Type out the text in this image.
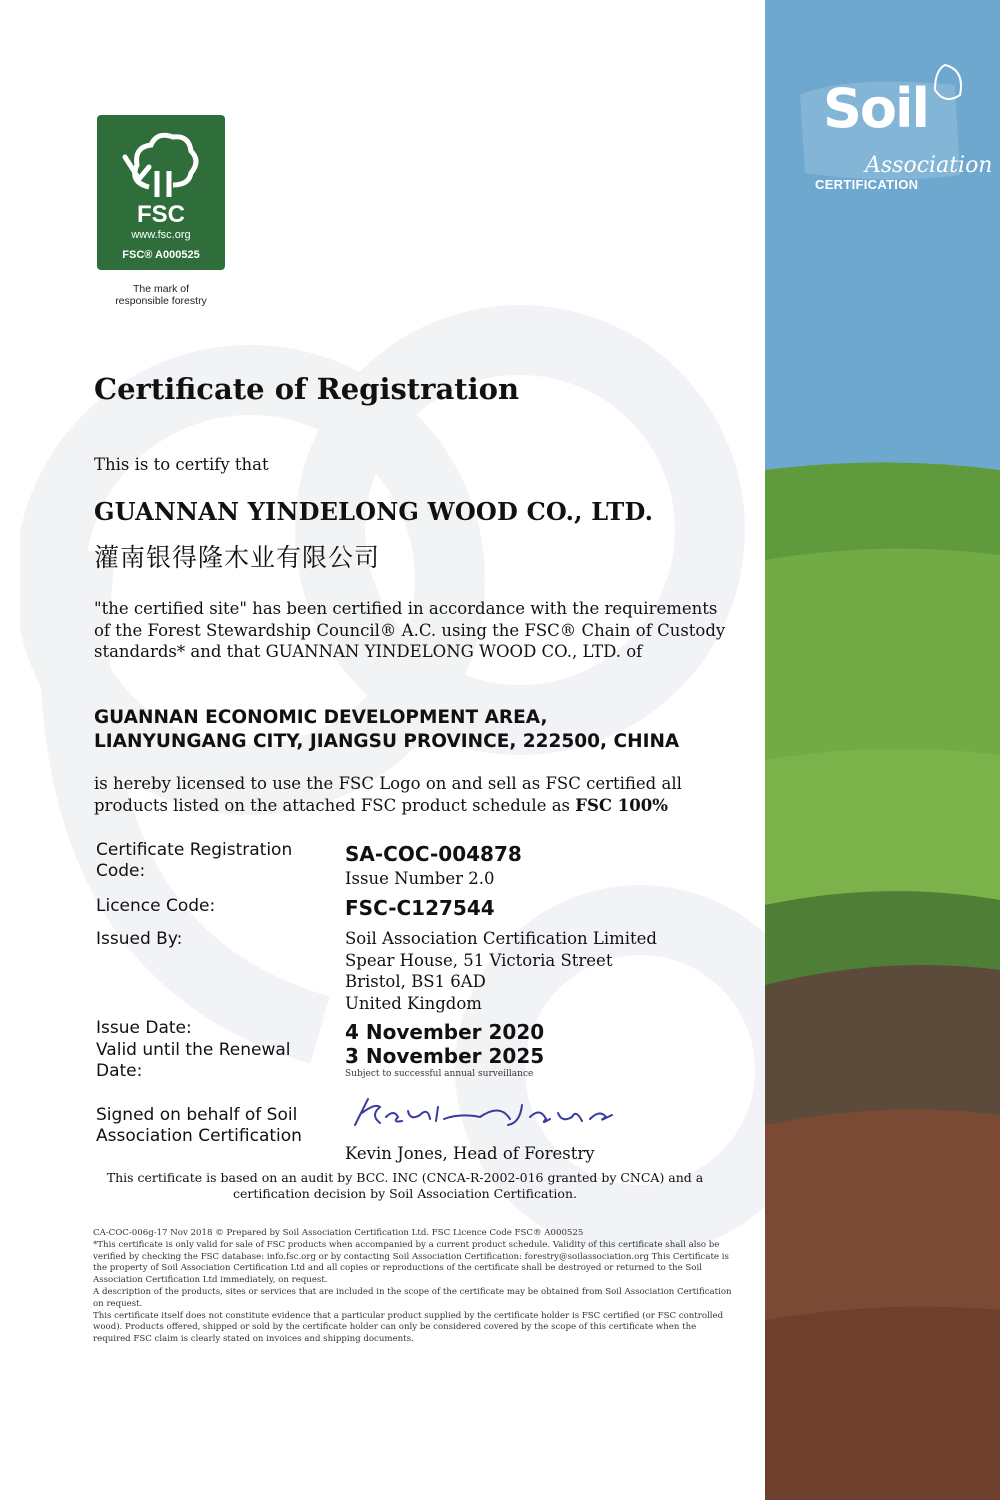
Soil
Association
CERTIFICATION
FSC
www.fsc.org
FSC® A000525
The mark of
responsible forestry
Certificate of Registration
This is to certify that
GUANNAN YINDELONG WOOD CO., LTD.
灌南银得隆木业有限公司
"the certified site" has been certified in accordance with the requirements of the Forest Stewardship Council® A.C. using the FSC® Chain of Custody standards* and that GUANNAN YINDELONG WOOD CO., LTD. of
GUANNAN ECONOMIC DEVELOPMENT AREA,
LIANYUNGANG CITY, JIANGSU PROVINCE, 222500, CHINA
is hereby licensed to use the FSC Logo on and sell as FSC certified all products listed on the attached FSC product schedule as FSC 100%
Certificate Registration Code:
SA-COC-004878
Issue Number 2.0
Licence Code:	FSC-C127544
Issued By:	Soil Association Certification Limited
Spear House, 51 Victoria Street
Bristol, BS1 6AD
United Kingdom
Issue Date:	4 November 2020
Valid until the Renewal Date:
3 November 2025
Subject to successful annual surveillance
Signed on behalf of Soil Association Certification
Kevin Jones, Head of Forestry
This certificate is based on an audit by BCC. INC (CNCA-R-2002-016 granted by CNCA) and a certification decision by Soil Association Certification.
CA-COC-006g-17 Nov 2018 © Prepared by Soil Association Certification Ltd. FSC Licence Code FSC® A000525
*This certificate is only valid for sale of FSC products when accompanied by a current product schedule. Validity of this certificate shall also be verified by checking the FSC database: info.fsc.org or by contacting Soil Association Certification: forestry@soilassociation.org This Certificate is the property of Soil Association Certification Ltd and all copies or reproductions of the certificate shall be destroyed or returned to the Soil Association Certification Ltd immediately, on request.
A description of the products, sites or services that are included in the scope of the certificate may be obtained from Soil Association Certification on request.
This certificate itself does not constitute evidence that a particular product supplied by the certificate holder is FSC certified (or FSC controlled wood). Products offered, shipped or sold by the certificate holder can only be considered covered by the scope of this certificate when the required FSC claim is clearly stated on invoices and shipping documents.
